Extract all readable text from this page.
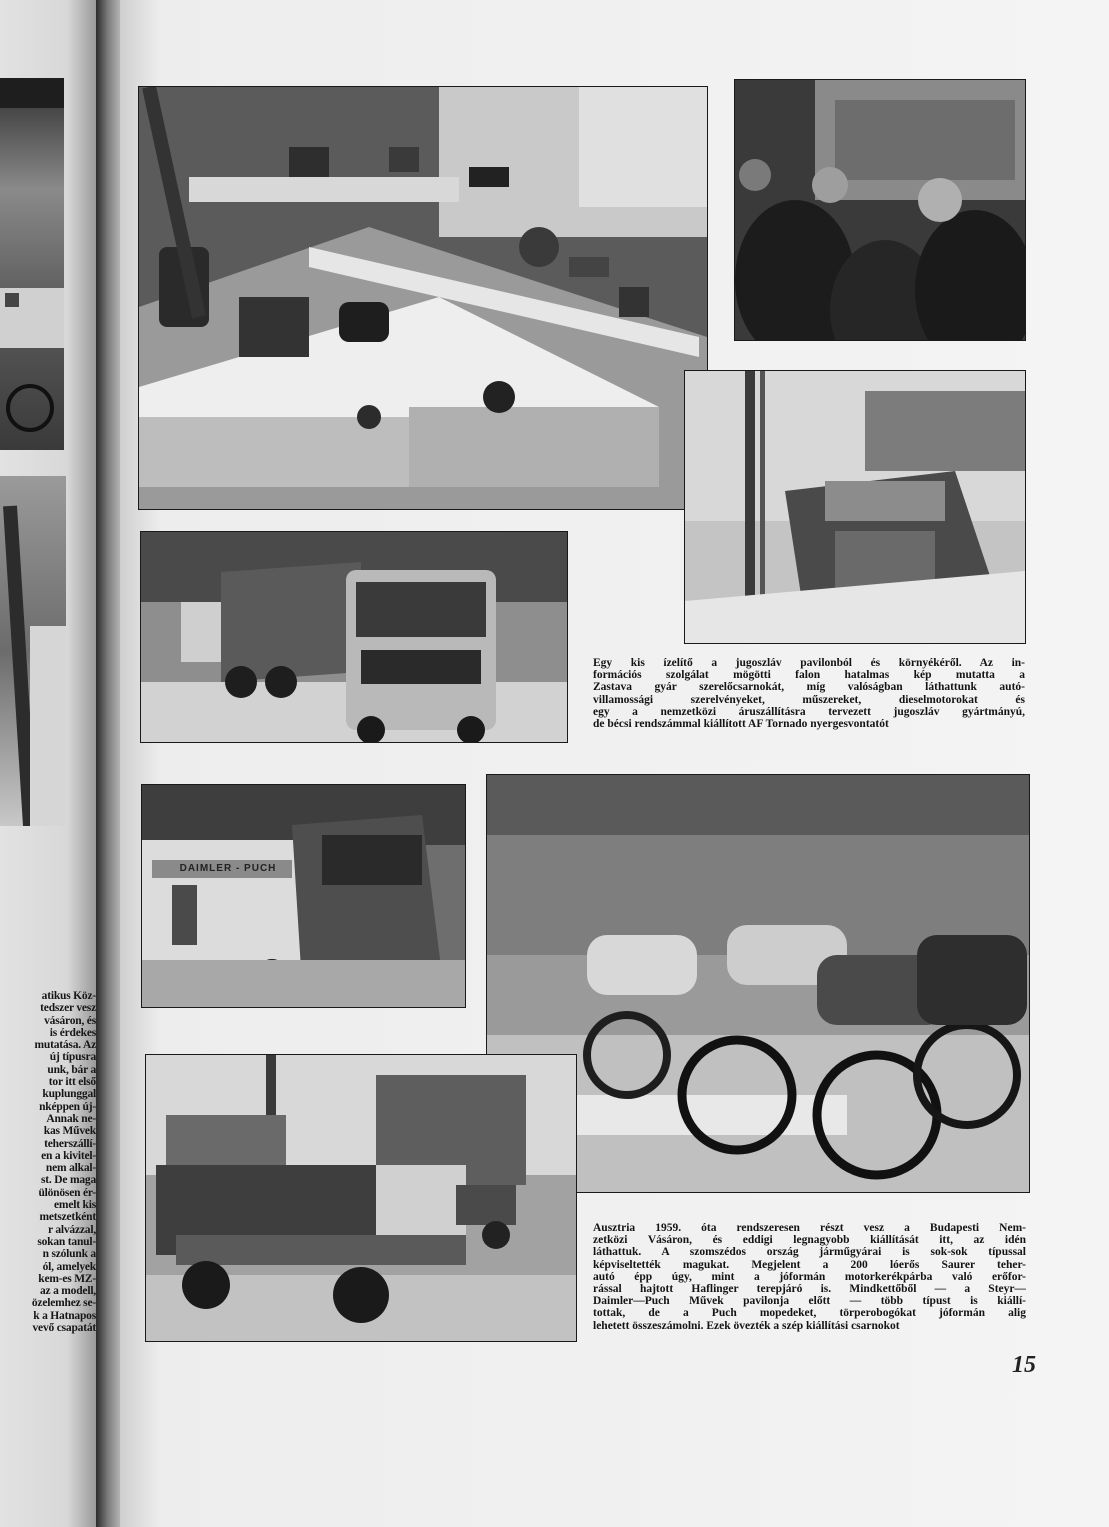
atikus Köz-
tedszer vesz
vásáron, és
is érdekes
mutatása. Az
új típusra
unk, bár a
tor itt első
kuplunggal
nképpen új-
Annak ne-
kas Művek
teherszállí-
en a kivitel-
nem alkal-
st. De maga
ülönösen ér-
emelt kis
metszetként
r alvázzal,
sokan tanul-
n szólunk a
ól, amelyek
kem-es MZ-
az a modell,
özelemhez se-
k a Hatnapos
vevő csapatát
Egy kis ízelítő a jugoszláv pavilonból és környékéről. Az in-
formációs szolgálat mögötti falon hatalmas kép mutatta a
Zastava gyár szerelőcsarnokát, míg valóságban láthattunk autó-
villamossági szerelvényeket, műszereket, dieselmotorokat és
egy a nemzetközi áruszállításra tervezett jugoszláv gyártmányú,
de bécsi rendszámmal kiállított AF Tornado nyergesvontatót
DAIMLER - PUCH
Ausztria 1959. óta rendszeresen részt vesz a Budapesti Nem-
zetközi Vásáron, és eddigi legnagyobb kiállítását itt, az idén
láthattuk. A szomszédos ország járműgyárai is sok-sok típussal
képviseltették magukat. Megjelent a 200 lóerős Saurer teher-
autó épp úgy, mint a jóformán motorkerékpárba való erőfor-
rással hajtott Haflinger terepjáró is. Mindkettőből — a Steyr—
Daimler—Puch Művek pavilonja előtt — több típust is kiállí-
tottak, de a Puch mopedeket, törperobogókat jóformán alig
lehetett összeszámolni. Ezek övezték a szép kiállítási csarnokot
15
